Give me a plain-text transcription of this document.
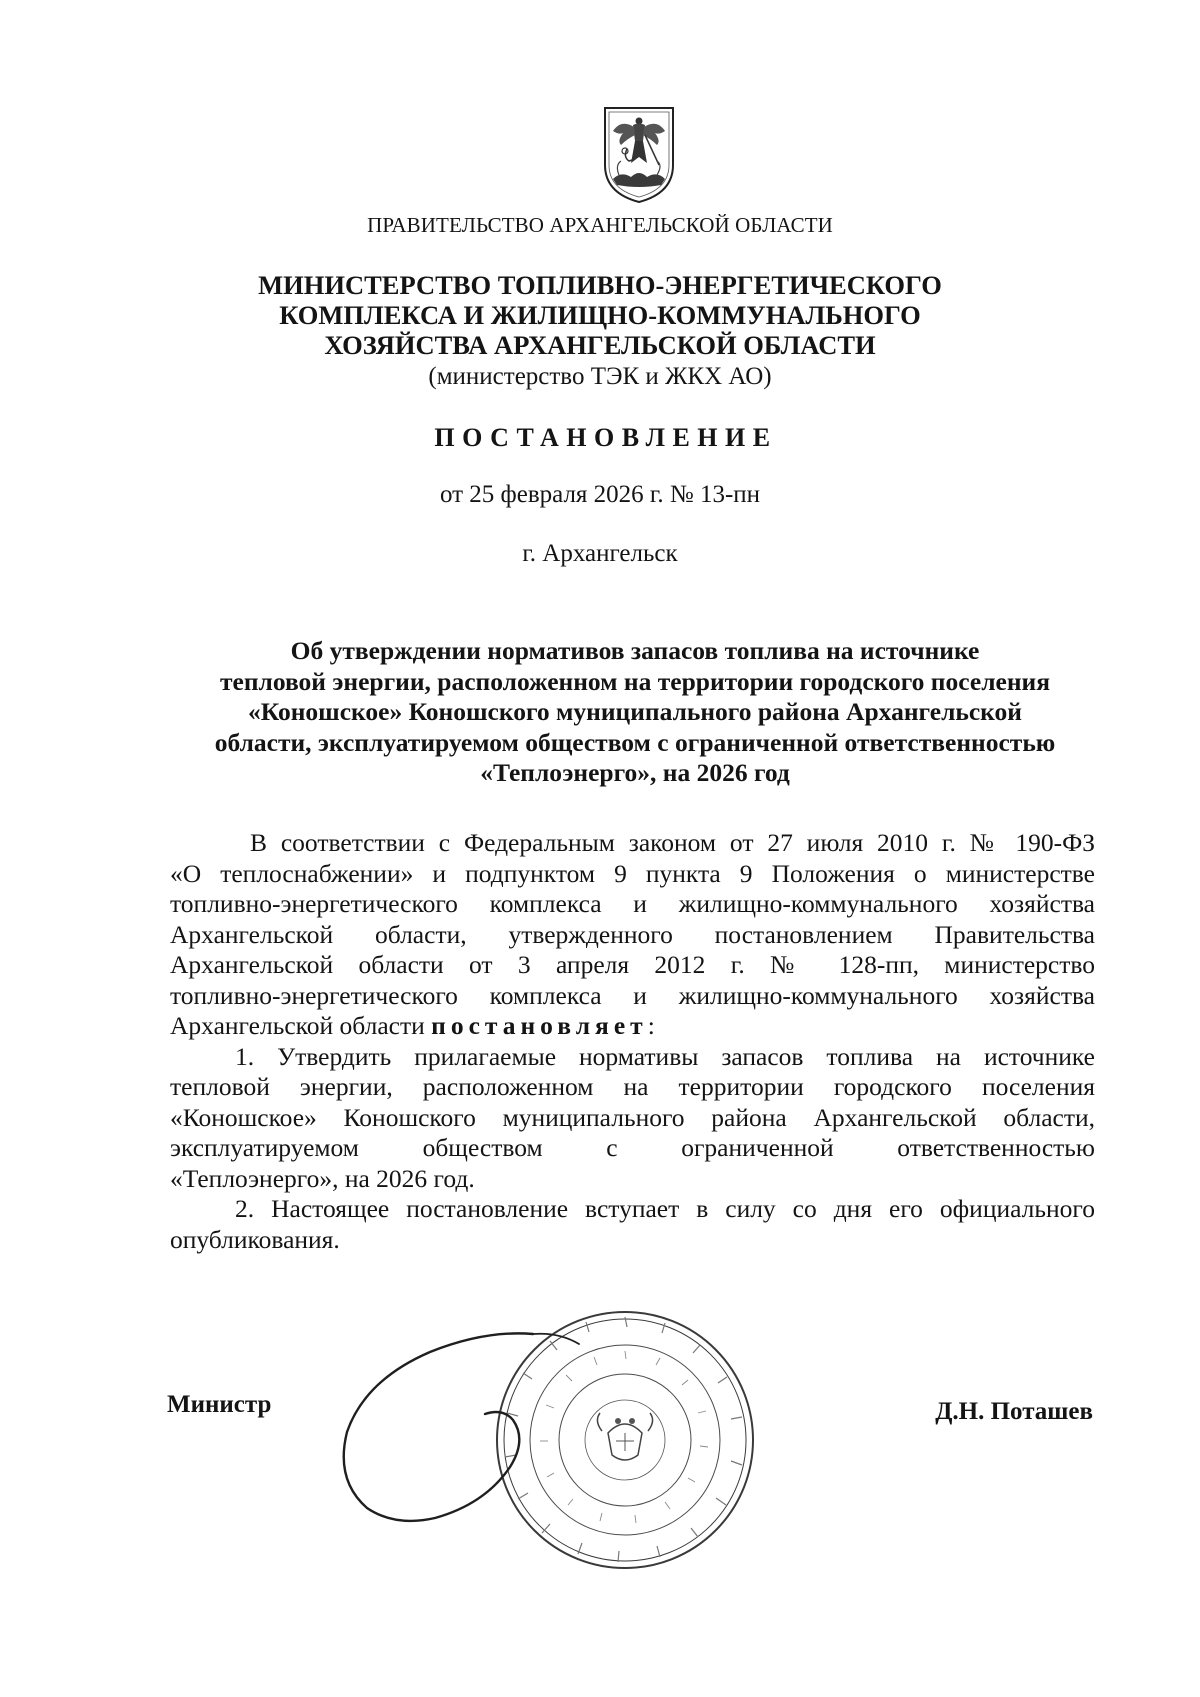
ПРАВИТЕЛЬСТВО АРХАНГЕЛЬСКОЙ ОБЛАСТИ
МИНИСТЕРСТВО ТОПЛИВНО-ЭНЕРГЕТИЧЕСКОГО
КОМПЛЕКСА И ЖИЛИЩНО-КОММУНАЛЬНОГО
ХОЗЯЙСТВА АРХАНГЕЛЬСКОЙ ОБЛАСТИ
(министерство ТЭК и ЖКХ АО)
ПОСТАНОВЛЕНИЕ
от 25 февраля 2026 г. № 13-пн
г. Архангельск
Об утверждении нормативов запасов топлива на источнике
тепловой энергии, расположенном на территории городского поселения
«Коношское» Коношского муниципального района Архангельской
области, эксплуатируемом обществом с ограниченной ответственностью
«Теплоэнерго», на 2026 год
В соответствии с Федеральным законом от 27 июля 2010 г. № 190-ФЗ
«О теплоснабжении» и подпунктом 9 пункта 9 Положения о министерстве
топливно-энергетического комплекса и жилищно-коммунального хозяйства
Архангельской области, утвержденного постановлением Правительства
Архангельской области от 3 апреля 2012 г. № 128-пп, министерство
топливно-энергетического комплекса и жилищно-коммунального хозяйства
Архангельской области постановляет:
1. Утвердить прилагаемые нормативы запасов топлива на источнике
тепловой энергии, расположенном на территории городского поселения
«Коношское» Коношского муниципального района Архангельской области,
эксплуатируемом обществом с ограниченной ответственностью
«Теплоэнерго», на 2026 год.
2. Настоящее постановление вступает в силу со дня его официального
опубликования.
Министр	Д.Н. Поташев
